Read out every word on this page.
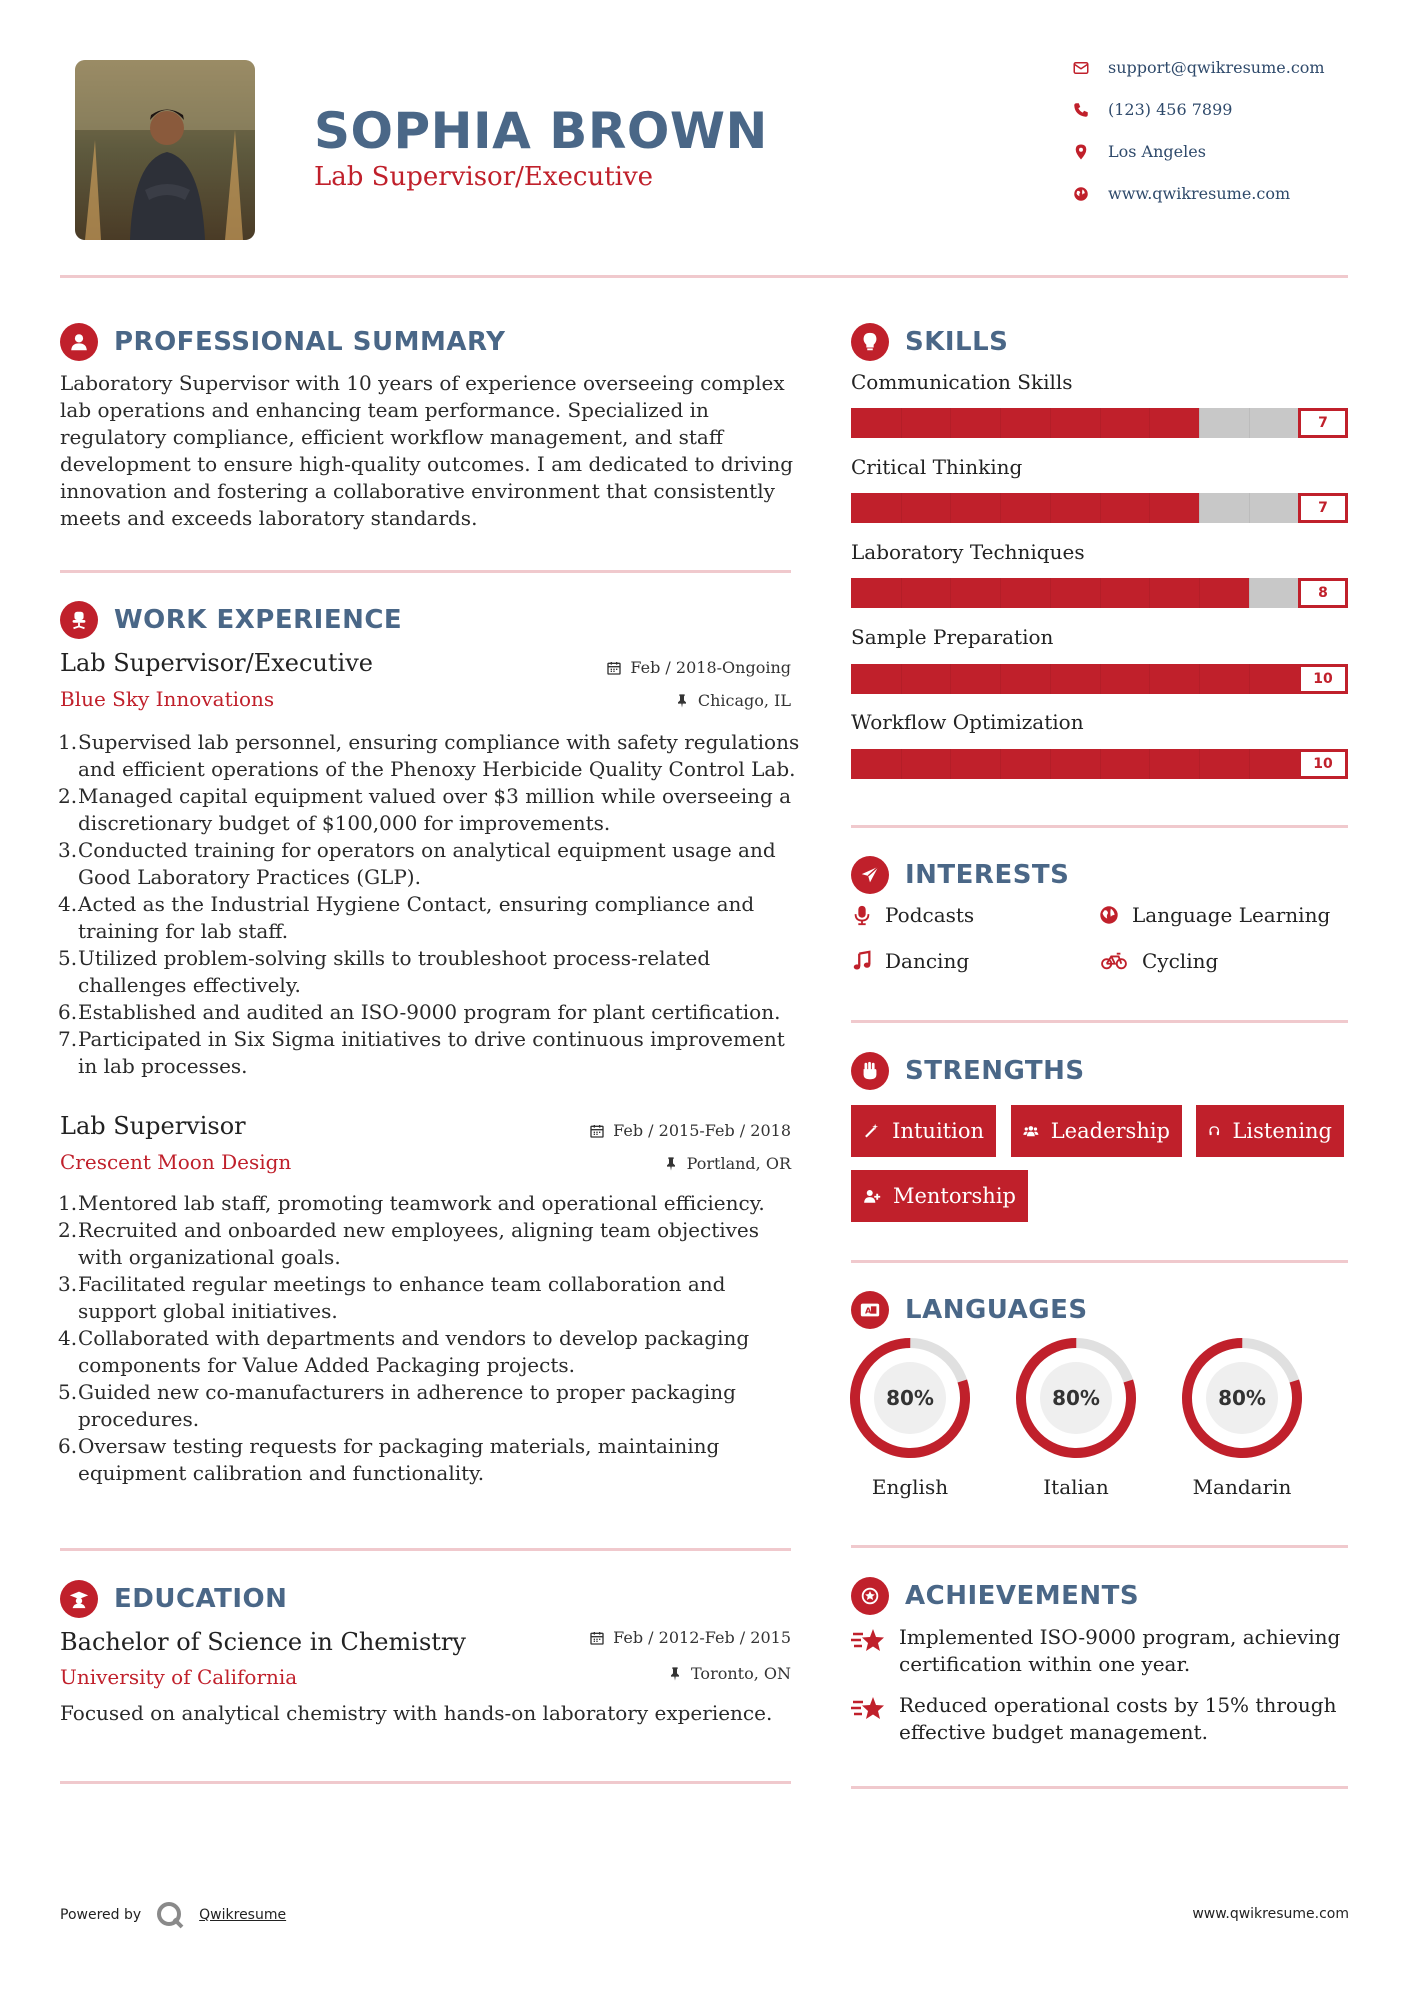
SOPHIA BROWN
Lab Supervisor/Executive
support@qwikresume.com
(123) 456 7899
Los Angeles
www.qwikresume.com
PROFESSIONAL SUMMARY
Laboratory Supervisor with 10 years of experience overseeing complex lab operations and enhancing team performance. Specialized in regulatory compliance, efficient workflow management, and staff development to ensure high-quality outcomes. I am dedicated to driving innovation and fostering a collaborative environment that consistently meets and exceeds laboratory standards.
WORK EXPERIENCE
Lab Supervisor/Executive	Feb / 2018-Ongoing
Blue Sky Innovations	Chicago, IL
1. Supervised lab personnel, ensuring compliance with safety regulations and efficient operations of the Phenoxy Herbicide Quality Control Lab.
2. Managed capital equipment valued over $3 million while overseeing a discretionary budget of $100,000 for improvements.
3. Conducted training for operators on analytical equipment usage and Good Laboratory Practices (GLP).
4. Acted as the Industrial Hygiene Contact, ensuring compliance and training for lab staff.
5. Utilized problem-solving skills to troubleshoot process-related challenges effectively.
6. Established and audited an ISO-9000 program for plant certification.
7. Participated in Six Sigma initiatives to drive continuous improvement in lab processes.
Lab Supervisor	Feb / 2015-Feb / 2018
Crescent Moon Design	Portland, OR
1. Mentored lab staff, promoting teamwork and operational efficiency.
2. Recruited and onboarded new employees, aligning team objectives with organizational goals.
3. Facilitated regular meetings to enhance team collaboration and support global initiatives.
4. Collaborated with departments and vendors to develop packaging components for Value Added Packaging projects.
5. Guided new co-manufacturers in adherence to proper packaging procedures.
6. Oversaw testing requests for packaging materials, maintaining equipment calibration and functionality.
EDUCATION
Bachelor of Science in Chemistry	Feb / 2012-Feb / 2015
University of California	Toronto, ON
Focused on analytical chemistry with hands-on laboratory experience.
SKILLS
Communication Skills
7
Critical Thinking
7
Laboratory Techniques
8
Sample Preparation
10
Workflow Optimization
10
INTERESTS
Podcasts	Language Learning
Dancing	Cycling
STRENGTHS
Intuition	Leadership	Listening
Mentorship
A LANGUAGES
80%
English
80%
Italian
80%
Mandarin
ACHIEVEMENTS
Implemented ISO-9000 program, achieving certification within one year.
Reduced operational costs by 15% through effective budget management.
Powered by	Qwikresume	www.qwikresume.com
